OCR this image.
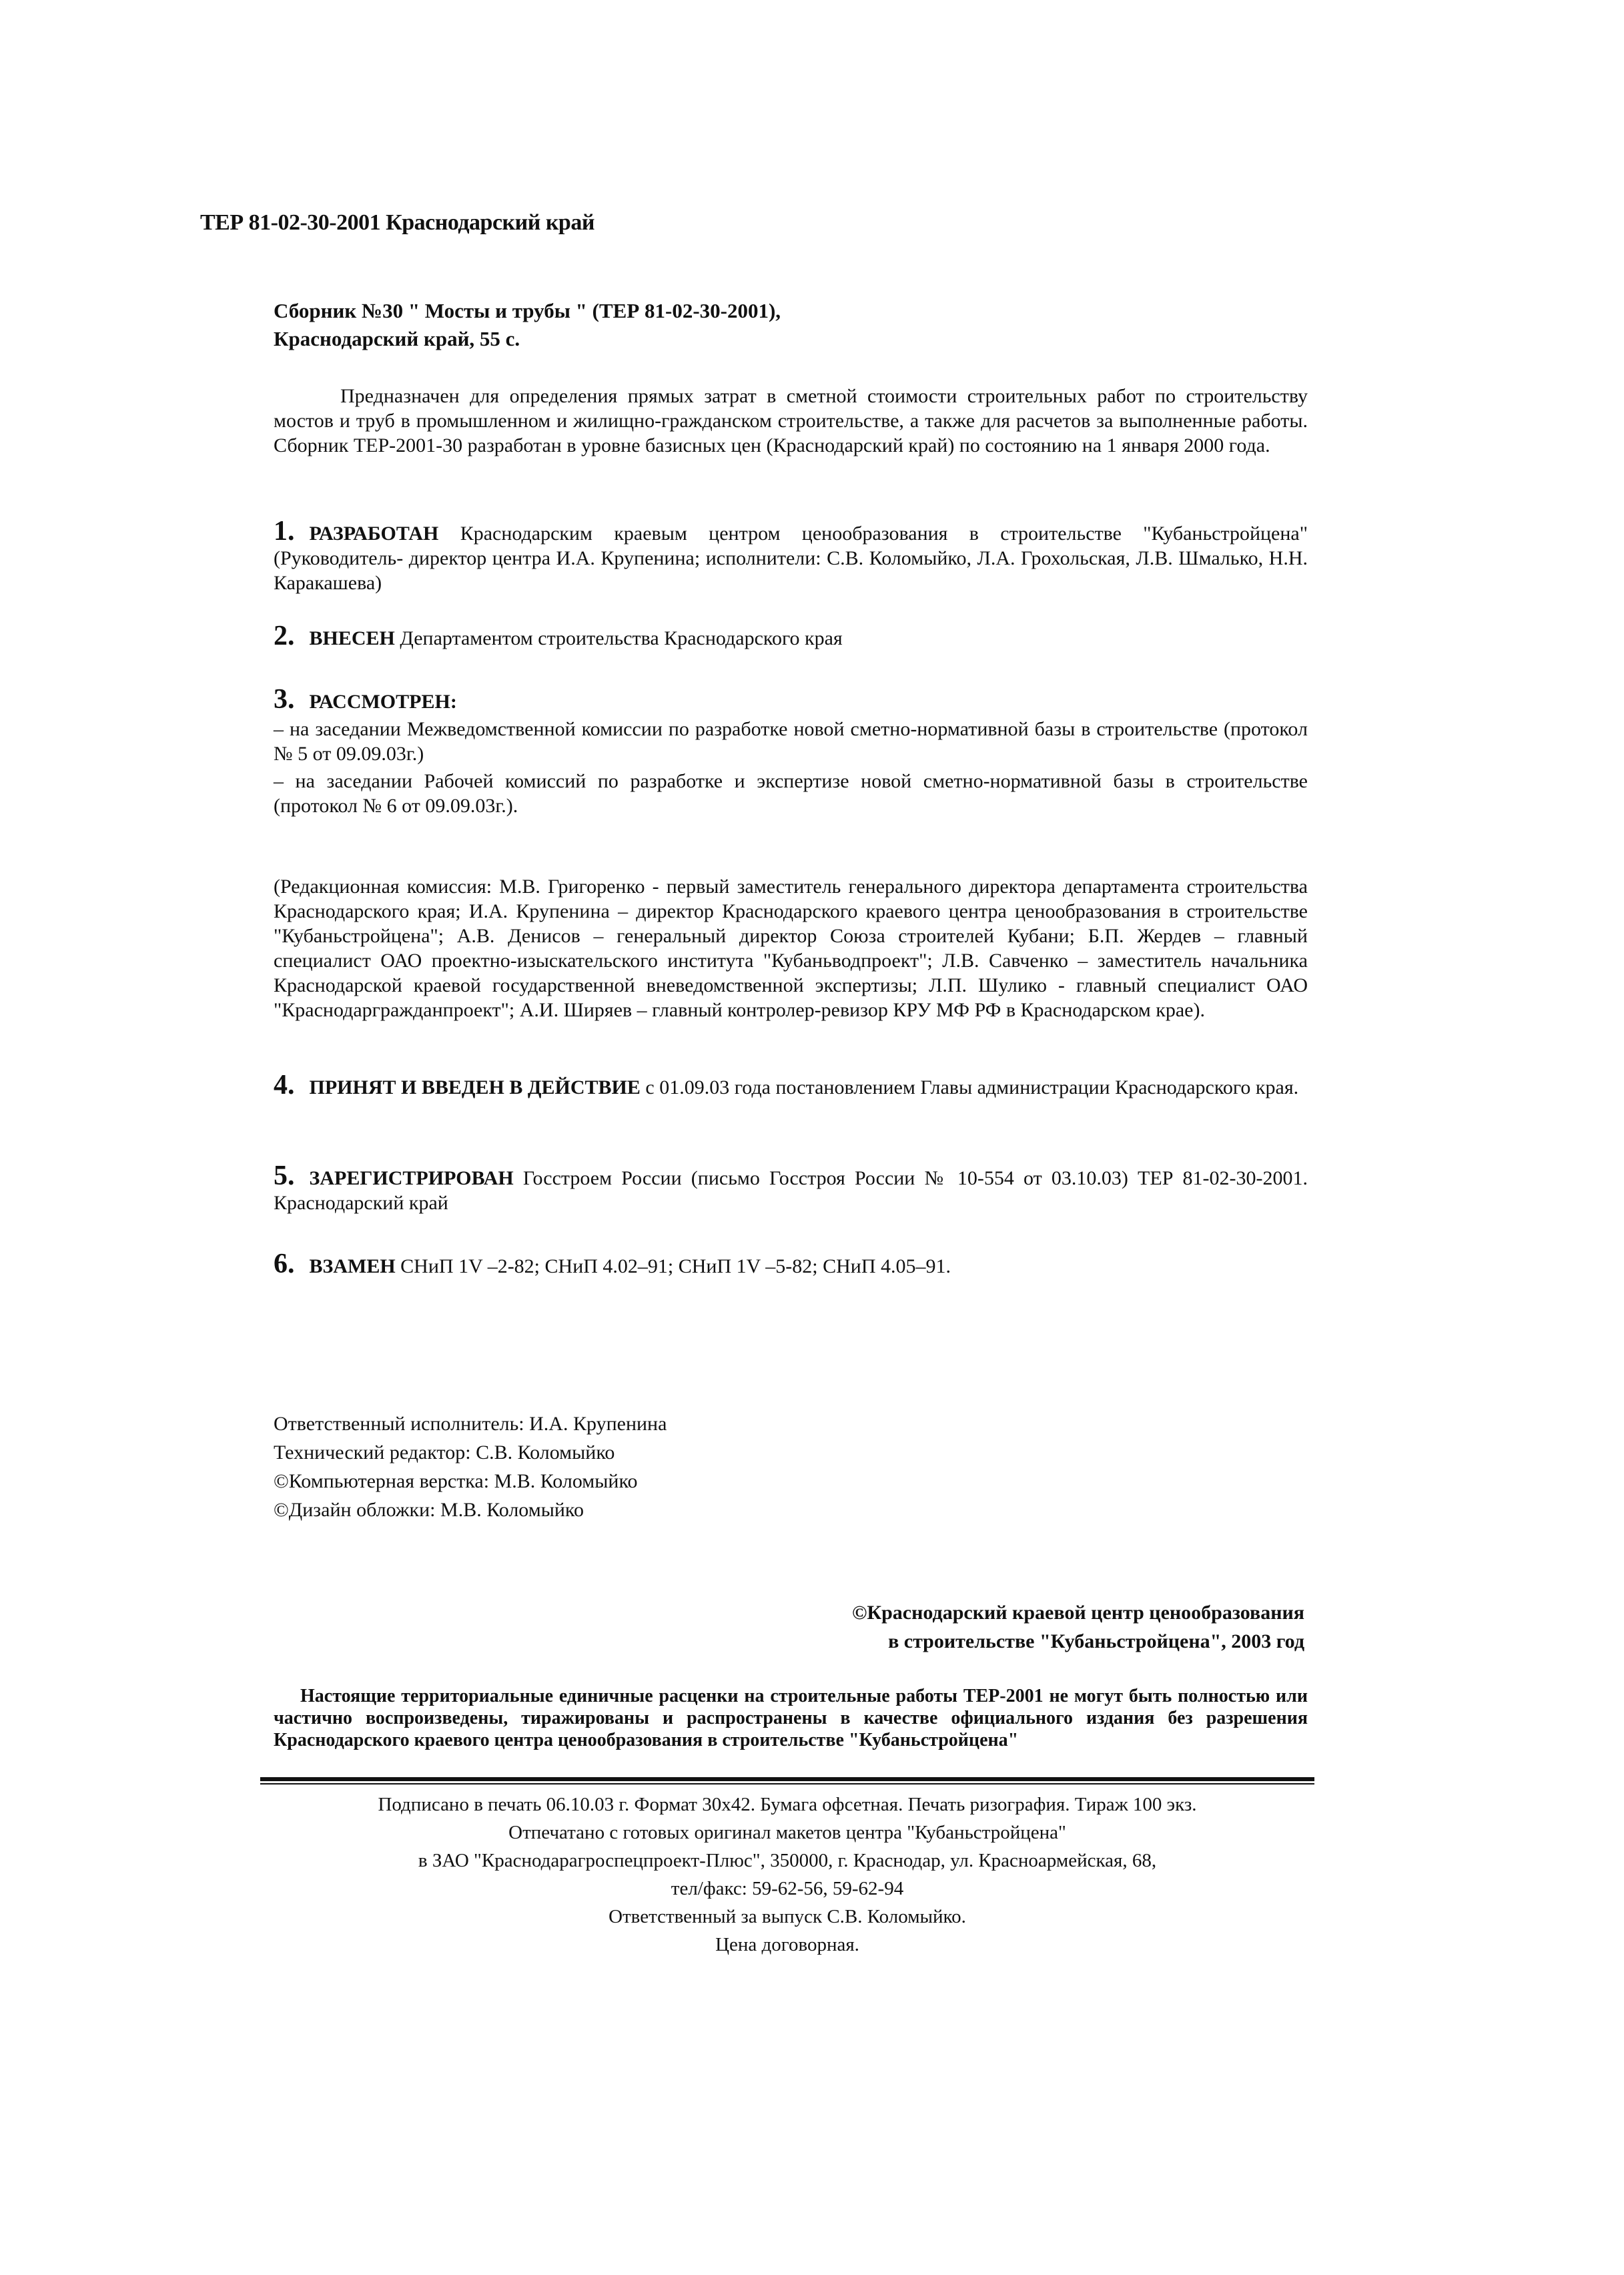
ТЕР 81-02-30-2001 Краснодарский край
Сборник №30 " Мосты и трубы " (ТЕР 81-02-30-2001),
Краснодарский край, 55 с.
Предназначен для определения прямых затрат в сметной стоимости строительных работ по строительству мостов и труб в промышленном и жилищно-гражданском строительстве, а также для расчетов за выполненные работы. Сборник ТЕР-2001-30 разработан в уровне базисных цен (Краснодарский край) по состоянию на 1 января 2000 года.
1. РАЗРАБОТАН Краснодарским краевым центром ценообразования в строительстве "Кубаньстройцена" (Руководитель- директор центра И.А. Крупенина; исполнители: С.В. Коломыйко, Л.А. Грохольская, Л.В. Шмалько, Н.Н. Каракашева)
2. ВНЕСЕН Департаментом строительства Краснодарского края
3. РАССМОТРЕН:
– на заседании Межведомственной комиссии по разработке новой сметно-нормативной базы в строительстве (протокол № 5 от 09.09.03г.)
– на заседании Рабочей комиссий по разработке и экспертизе новой сметно-нормативной базы в строительстве (протокол № 6 от 09.09.03г.).
(Редакционная комиссия: М.В. Григоренко - первый заместитель генерального директора департамента строительства Краснодарского края; И.А. Крупенина – директор Краснодарского краевого центра ценообразования в строительстве "Кубаньстройцена"; А.В. Денисов – генеральный директор Союза строителей Кубани; Б.П. Жердев – главный специалист ОАО проектно-изыскательского института "Кубаньводпроект"; Л.В. Савченко – заместитель начальника Краснодарской краевой государственной вневедомственной экспертизы; Л.П. Шулико - главный специалист ОАО "Краснодаргражданпроект"; А.И. Ширяев – главный контролер-ревизор КРУ МФ РФ в Краснодарском крае).
4. ПРИНЯТ И ВВЕДЕН В ДЕЙСТВИЕ с 01.09.03 года постановлением Главы администрации Краснодарского края.
5. ЗАРЕГИСТРИРОВАН Госстроем России (письмо Госстроя России № 10-554 от 03.10.03) ТЕР 81-02-30-2001. Краснодарский край
6. ВЗАМЕН СНиП 1V –2-82; СНиП 4.02–91; СНиП 1V –5-82; СНиП 4.05–91.
Ответственный исполнитель: И.А. Крупенина
Технический редактор: С.В. Коломыйко
©Компьютерная верстка: М.В. Коломыйко
©Дизайн обложки: М.В. Коломыйко
©Краснодарский краевой центр ценообразования
в строительстве "Кубаньстройцена", 2003 год
Настоящие территориальные единичные расценки на строительные работы ТЕР-2001 не могут быть полностью или частично воспроизведены, тиражированы и распространены в качестве официального издания без разрешения Краснодарского краевого центра ценообразования в строительстве "Кубаньстройцена"
Подписано в печать 06.10.03 г. Формат 30х42. Бумага офсетная. Печать ризография. Тираж 100 экз.
Отпечатано с готовых оригинал макетов центра "Кубаньстройцена"
в ЗАО "Краснодарагроспецпроект-Плюс", 350000, г. Краснодар, ул. Красноармейская, 68,
тел/факс: 59-62-56, 59-62-94
Ответственный за выпуск С.В. Коломыйко.
Цена договорная.
